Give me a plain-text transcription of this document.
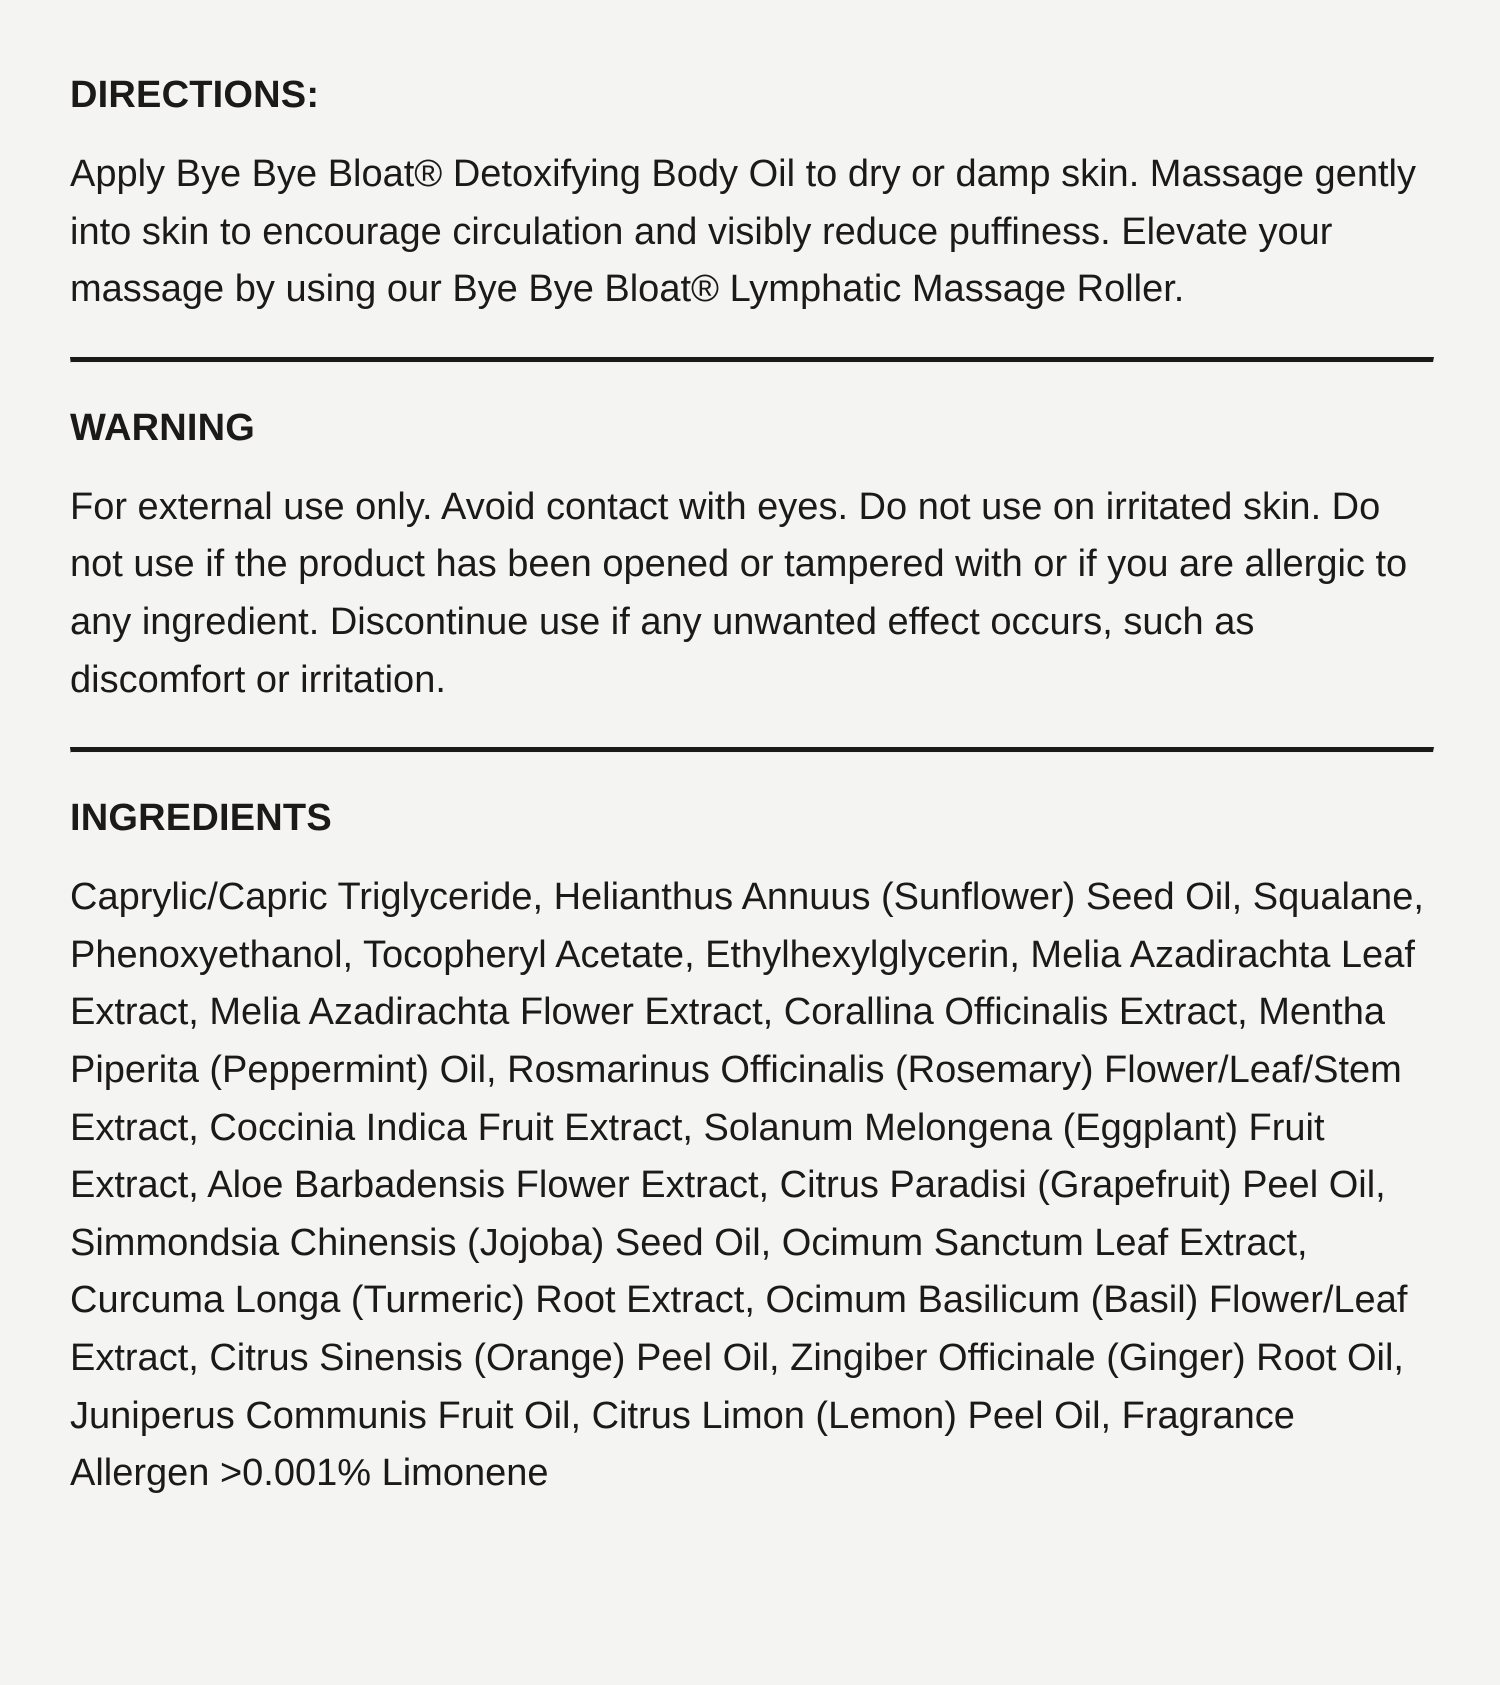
DIRECTIONS:

Apply Bye Bye Bloat® Detoxifying Body Oil to dry or damp skin. Massage gently into skin to encourage circulation and visibly reduce puffiness. Elevate your massage by using our Bye Bye Bloat® Lymphatic Massage Roller.

WARNING

For external use only. Avoid contact with eyes. Do not use on irritated skin. Do not use if the product has been opened or tampered with or if you are allergic to any ingredient. Discontinue use if any unwanted effect occurs, such as discomfort or irritation.

INGREDIENTS

Caprylic/Capric Triglyceride, Helianthus Annuus (Sunflower) Seed Oil, Squalane, Phenoxyethanol, Tocopheryl Acetate, Ethylhexylglycerin, Melia Azadirachta Leaf Extract, Melia Azadirachta Flower Extract, Corallina Officinalis Extract, Mentha Piperita (Peppermint) Oil, Rosmarinus Officinalis (Rosemary) Flower/Leaf/Stem Extract, Coccinia Indica Fruit Extract, Solanum Melongena (Eggplant) Fruit Extract, Aloe Barbadensis Flower Extract, Citrus Paradisi (Grapefruit) Peel Oil, Simmondsia Chinensis (Jojoba) Seed Oil, Ocimum Sanctum Leaf Extract, Curcuma Longa (Turmeric) Root Extract, Ocimum Basilicum (Basil) Flower/Leaf Extract, Citrus Sinensis (Orange) Peel Oil, Zingiber Officinale (Ginger) Root Oil, Juniperus Communis Fruit Oil, Citrus Limon (Lemon) Peel Oil, Fragrance Allergen >0.001% Limonene
